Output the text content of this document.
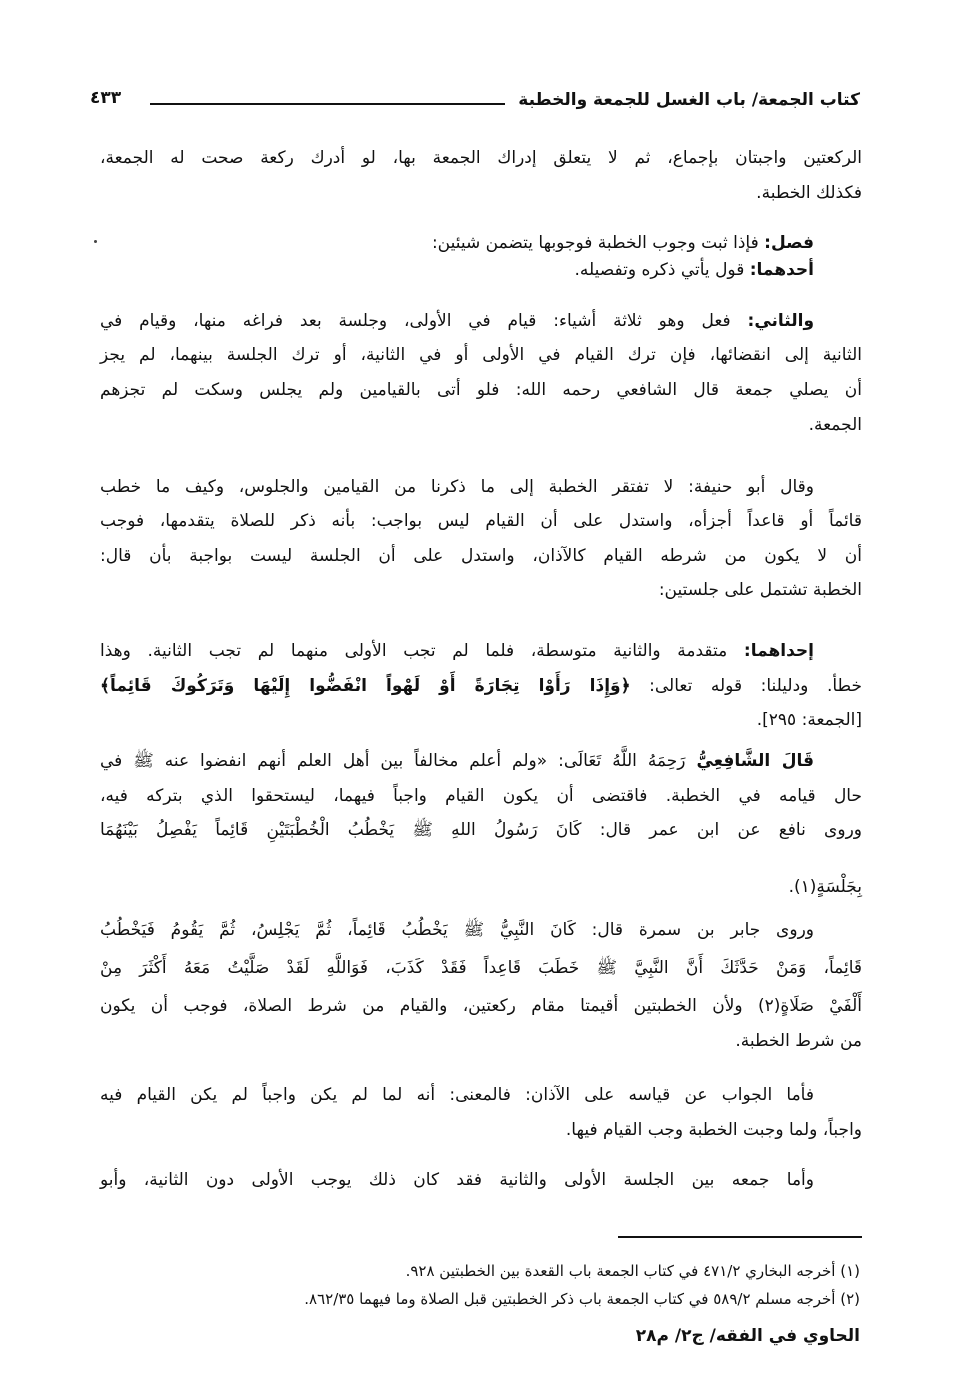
كتاب الجمعة/ باب الغسل للجمعة والخطبة
٤٣٣
الركعتين واجبتان بإجماع، ثم لا يتعلق إدراك الجمعة بها، لو أدرك ركعة صحت له الجمعة،
فكذلك الخطبة.
فصل: فإذا ثبت وجوب الخطبة فوجوبها يتضمن شيئين:
أحدهما: قول يأتي ذكره وتفصيله.
والثاني: فعل وهو ثلاثة أشياء: قيام في الأولى، وجلسة بعد فراغه منها، وقيام في
الثانية إلى انقضائها، فإن ترك القيام في الأولى أو في الثانية، أو ترك الجلسة بينهما، لم يجز
أن يصلي جمعة قال الشافعي رحمه الله: فلو أتى بالقيامين ولم يجلس وسكت لم تجزهم
الجمعة.
وقال أبو حنيفة: لا تفتقر الخطبة إلى ما ذكرنا من القيامين والجلوس، وكيف ما خطب
قائماً أو قاعداً أجزأه، واستدل على أن القيام ليس بواجب: بأنه ذكر للصلاة يتقدمها، فوجب
أن لا يكون من شرطه القيام كالآذان، واستدل على أن الجلسة ليست بواجبة بأن قال:
الخطبة تشتمل على جلستين:
إحداهما: متقدمة والثانية متوسطة، فلما لم تجب الأولى منهما لم تجب الثانية. وهذا
خطأ. ودليلنا: قوله تعالى: ﴿وَإِذَا رَأَوْا تِجَارَةً أَوْ لَهْواً انْفَضُّوا إِلَيْهَا وَتَرَكُوكَ قَائِماً﴾
[الجمعة: ٢٩٥].
قَالَ الشَّافِعِيُّ رَحِمَهُ اللَّهُ تَعَالَى: «ولم أعلم مخالفاً بين أهل العلم أنهم انفضوا عنه ﷺ في
حال قيامه في الخطبة. فاقتضى أن يكون القيام واجباً فيهما، ليستحقوا الذي بتركه فيه،
وروى نافع عن ابن عمر قال: كَانَ رَسُولُ اللهِ ﷺ يَخْطُبُ الْخُطْبَتَيْنِ قَائِماً يَفْصِلُ بَيْنَهُمَا
بِجَلْسَةٍ(١).
وروى جابر بن سمرة قال: كَانَ النَّبِيُّ ﷺ يَخْطُبُ قَائِماً، ثُمَّ يَجْلِسُ، ثُمَّ يَقُومُ فَيَخْطُبُ
قَائِماً، وَمَنْ حَدَّثَكَ أَنَّ النَّبِيَّ ﷺ خَطَبَ قَاعِداً فَقَدْ كَذَبَ، فَوَاللَّهِ لَقَدْ صَلَّيْتُ مَعَهُ أَكْثَرَ مِنْ
أَلْفَيْ صَلَاةٍ(٢) ولأن الخطبتين أقيمتا مقام ركعتين، والقيام من شرط الصلاة، فوجب أن يكون
من شرط الخطبة.
فأما الجواب عن قياسه على الآذان: فالمعنى: أنه لما لم يكن واجباً لم يكن القيام فيه
واجباً، ولما وجبت الخطبة وجب القيام فيها.
وأما جمعه بين الجلسة الأولى والثانية فقد كان ذلك يوجب الأولى دون الثانية، وأبو
(١) أخرجه البخاري ٤٧١/٢ في كتاب الجمعة باب القعدة بين الخطبتين ٩٢٨.
(٢) أخرجه مسلم ٥٨٩/٢ في كتاب الجمعة باب ذكر الخطبتين قبل الصلاة وما فيهما ٨٦٢/٣٥.
الحاوي في الفقه/ ج٢/ م٢٨
